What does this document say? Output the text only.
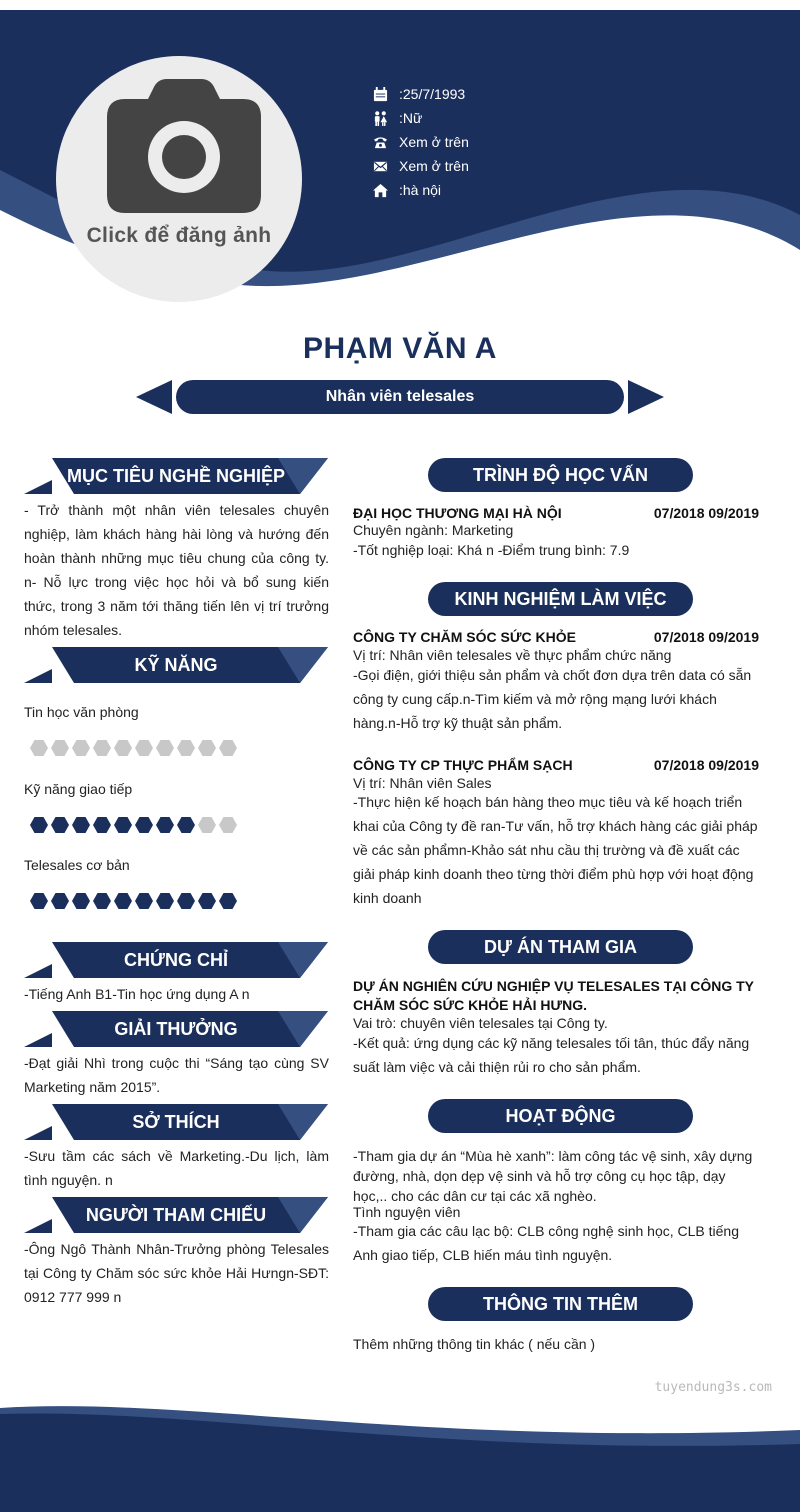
Click để đăng ảnh
:25/7/1993
:Nữ
Xem ở trên
Xem ở trên
:hà nội
PHẠM VĂN A
Nhân viên telesales
MỤC TIÊU NGHỀ NGHIỆP
- Trở thành một nhân viên telesales chuyên nghiệp, làm khách hàng hài lòng và hướng đến hoàn thành những mục tiêu chung của công ty. n- Nỗ lực trong việc học hỏi và bổ sung kiến thức, trong 3 năm tới thăng tiến lên vị trí trưởng nhóm telesales.
KỸ NĂNG
Tin học văn phòng
Kỹ năng giao tiếp
Telesales cơ bản
CHỨNG CHỈ
-Tiếng Anh B1-Tin học ứng dụng A n
GIẢI THƯỞNG
-Đạt giải Nhì trong cuộc thi “Sáng tạo cùng SV Marketing năm 2015”.
SỞ THÍCH
-Sưu tầm các sách về Marketing.-Du lịch, làm tình nguyện. n
NGƯỜI THAM CHIẾU
-Ông Ngô Thành Nhân-Trưởng phòng Telesales tại Công ty Chăm sóc sức khỏe Hải Hưngn-SĐT: 0912 777 999 n
TRÌNH ĐỘ HỌC VẤN
ĐẠI HỌC THƯƠNG MẠI HÀ NỘI	07/2018 09/2019
Chuyên ngành: Marketing
-Tốt nghiệp loại: Khá n -Điểm trung bình: 7.9
KINH NGHIỆM LÀM VIỆC
CÔNG TY CHĂM SÓC SỨC KHỎE	07/2018 09/2019
Vị trí: Nhân viên telesales về thực phẩm chức năng
-Gọi điện, giới thiệu sản phẩm và chốt đơn dựa trên data có sẵn công ty cung cấp.n-Tìm kiếm và mở rộng mạng lưới khách hàng.n-Hỗ trợ kỹ thuật sản phẩm.
CÔNG TY CP THỰC PHẨM SẠCH	07/2018 09/2019
Vị trí: Nhân viên Sales
-Thực hiện kế hoạch bán hàng theo mục tiêu và kế hoạch triển khai của Công ty đề ran-Tư vấn, hỗ trợ khách hàng các giải pháp về các sản phẩmn-Khảo sát nhu cầu thị trường và đề xuất các giải pháp kinh doanh theo từng thời điểm phù hợp với hoạt động kinh doanh
DỰ ÁN THAM GIA
DỰ ÁN NGHIÊN CỨU NGHIỆP VỤ TELESALES TẠI CÔNG TY CHĂM SÓC SỨC KHỎE HẢI HƯNG.
Vai trò: chuyên viên telesales tại Công ty.
-Kết quả: ứng dụng các kỹ năng telesales tối tân, thúc đẩy năng suất làm việc và cải thiện rủi ro cho sản phẩm.
HOẠT ĐỘNG
-Tham gia dự án “Mùa hè xanh”: làm công tác vệ sinh, xây dựng đường, nhà, dọn dẹp vệ sinh và hỗ trợ công cụ học tập, dạy học,.. cho các dân cư tại các xã nghèo.
Tình nguyện viên
-Tham gia các câu lạc bộ: CLB công nghệ sinh học, CLB tiếng Anh giao tiếp, CLB hiến máu tình nguyện.
THÔNG TIN THÊM
Thêm những thông tin khác ( nếu cần )
tuyendung3s.com
